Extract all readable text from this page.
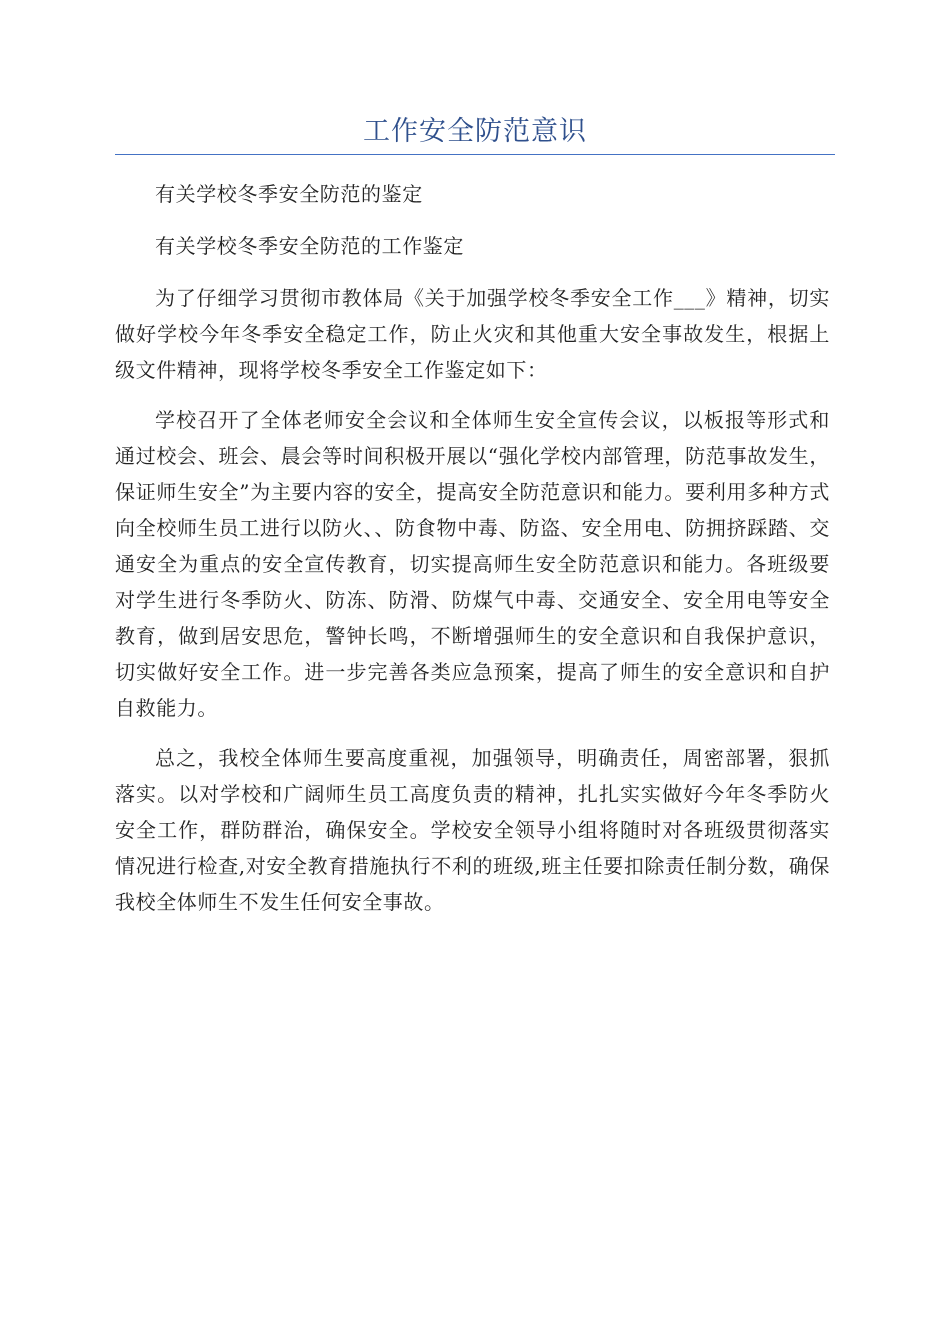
工作安全防范意识

有关学校冬季安全防范的鉴定

有关学校冬季安全防范的工作鉴定

为了仔细学习贯彻市教体局《关于加强学校冬季安全工作___》精神，切实做好学校今年冬季安全稳定工作，防止火灾和其他重大安全事故发生，根据上级文件精神，现将学校冬季安全工作鉴定如下：

学校召开了全体老师安全会议和全体师生安全宣传会议，以板报等形式和通过校会、班会、晨会等时间积极开展以“强化学校内部管理，防范事故发生，保证师生安全”为主要内容的安全，提高安全防范意识和能力。要利用多种方式向全校师生员工进行以防火、、防食物中毒、防盗、安全用电、防拥挤踩踏、交通安全为重点的安全宣传教育，切实提高师生安全防范意识和能力。各班级要对学生进行冬季防火、防冻、防滑、防煤气中毒、交通安全、安全用电等安全教育，做到居安思危，警钟长鸣，不断增强师生的安全意识和自我保护意识，切实做好安全工作。进一步完善各类应急预案，提高了师生的安全意识和自护自救能力。

总之，我校全体师生要高度重视，加强领导，明确责任，周密部署，狠抓落实。以对学校和广阔师生员工高度负责的精神，扎扎实实做好今年冬季防火安全工作，群防群治，确保安全。学校安全领导小组将随时对各班级贯彻落实情况进行检查,对安全教育措施执行不利的班级,班主任要扣除责任制分数，确保我校全体师生不发生任何安全事故。
